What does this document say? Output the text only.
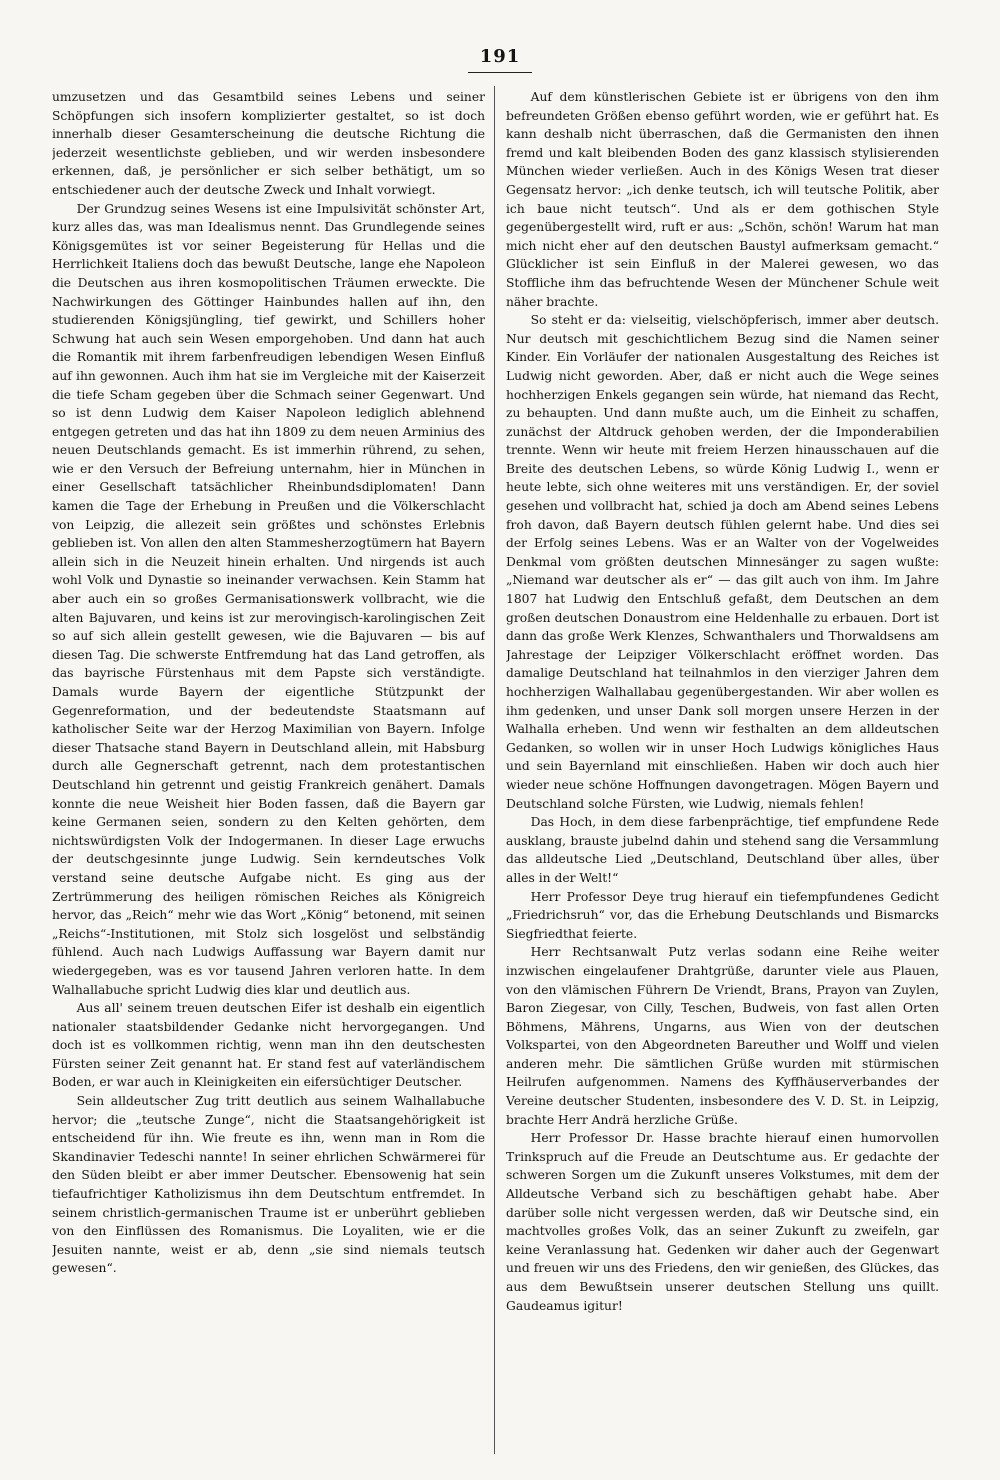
191

umzusetzen und das Gesamtbild seines Lebens und seiner Schöpfungen sich insofern komplizierter gestaltet, so ist doch innerhalb dieser Gesamterscheinung die deutsche Richtung die jederzeit wesentlichste geblieben, und wir werden insbesondere erkennen, daß, je persönlicher er sich selber bethätigt, um so entschiedener auch der deutsche Zweck und Inhalt vorwiegt.

Der Grundzug seines Wesens ist eine Impulsivität schönster Art, kurz alles das, was man Idealismus nennt. Das Grundlegende seines Königsgemütes ist vor seiner Begeisterung für Hellas und die Herrlichkeit Italiens doch das bewußt Deutsche, lange ehe Napoleon die Deutschen aus ihren kosmopolitischen Träumen erweckte. Die Nachwirkungen des Göttinger Hainbundes hallen auf ihn, den studierenden Königsjüngling, tief gewirkt, und Schillers hoher Schwung hat auch sein Wesen emporgehoben. Und dann hat auch die Romantik mit ihrem farbenfreudigen lebendigen Wesen Einfluß auf ihn gewonnen. Auch ihm hat sie im Vergleiche mit der Kaiserzeit die tiefe Scham gegeben über die Schmach seiner Gegenwart. Und so ist denn Ludwig dem Kaiser Napoleon lediglich ablehnend entgegen getreten und das hat ihn 1809 zu dem neuen Arminius des neuen Deutschlands gemacht. Es ist immerhin rührend, zu sehen, wie er den Versuch der Befreiung unternahm, hier in München in einer Gesellschaft tatsächlicher Rheinbundsdiplomaten! Dann kamen die Tage der Erhebung in Preußen und die Völkerschlacht von Leipzig, die allezeit sein größtes und schönstes Erlebnis geblieben ist. Von allen den alten Stammesherzogtümern hat Bayern allein sich in die Neuzeit hinein erhalten. Und nirgends ist auch wohl Volk und Dynastie so ineinander verwachsen. Kein Stamm hat aber auch ein so großes Germanisationswerk vollbracht, wie die alten Bajuvaren, und keins ist zur merovingisch-karolingischen Zeit so auf sich allein gestellt gewesen, wie die Bajuvaren — bis auf diesen Tag. Die schwerste Entfremdung hat das Land getroffen, als das bayrische Fürstenhaus mit dem Papste sich verständigte. Damals wurde Bayern der eigentliche Stützpunkt der Gegenreformation, und der bedeutendste Staatsmann auf katholischer Seite war der Herzog Maximilian von Bayern. Infolge dieser Thatsache stand Bayern in Deutschland allein, mit Habsburg durch alle Gegnerschaft getrennt, nach dem protestantischen Deutschland hin getrennt und geistig Frankreich genähert. Damals konnte die neue Weisheit hier Boden fassen, daß die Bayern gar keine Germanen seien, sondern zu den Kelten gehörten, dem nichtswürdigsten Volk der Indogermanen. In dieser Lage erwuchs der deutschgesinnte junge Ludwig. Sein kerndeutsches Volk verstand seine deutsche Aufgabe nicht. Es ging aus der Zertrümmerung des heiligen römischen Reiches als Königreich hervor, das „Reich“ mehr wie das Wort „König“ betonend, mit seinen „Reichs“-Institutionen, mit Stolz sich losgelöst und selbständig fühlend. Auch nach Ludwigs Auffassung war Bayern damit nur wiedergegeben, was es vor tausend Jahren verloren hatte. In dem Walhallabuche spricht Ludwig dies klar und deutlich aus.

Aus all' seinem treuen deutschen Eifer ist deshalb ein eigentlich nationaler staatsbildender Gedanke nicht hervorgegangen. Und doch ist es vollkommen richtig, wenn man ihn den deutschesten Fürsten seiner Zeit genannt hat. Er stand fest auf vaterländischem Boden, er war auch in Kleinigkeiten ein eifersüchtiger Deutscher.

Sein alldeutscher Zug tritt deutlich aus seinem Walhallabuche hervor; die „teutsche Zunge“, nicht die Staatsangehörigkeit ist entscheidend für ihn. Wie freute es ihn, wenn man in Rom die Skandinavier Tedeschi nannte! In seiner ehrlichen Schwärmerei für den Süden bleibt er aber immer Deutscher. Ebensowenig hat sein tiefaufrichtiger Katholizismus ihn dem Deutschtum entfremdet. In seinem christlich-germanischen Traume ist er unberührt geblieben von den Einflüssen des Romanismus. Die Loyaliten, wie er die Jesuiten nannte, weist er ab, denn „sie sind niemals teutsch gewesen“.

Auf dem künstlerischen Gebiete ist er übrigens von den ihm befreundeten Größen ebenso geführt worden, wie er geführt hat. Es kann deshalb nicht überraschen, daß die Germanisten den ihnen fremd und kalt bleibenden Boden des ganz klassisch stylisierenden München wieder verließen. Auch in des Königs Wesen trat dieser Gegensatz hervor: „ich denke teutsch, ich will teutsche Politik, aber ich baue nicht teutsch“. Und als er dem gothischen Style gegenübergestellt wird, ruft er aus: „Schön, schön! Warum hat man mich nicht eher auf den deutschen Baustyl aufmerksam gemacht.“ Glücklicher ist sein Einfluß in der Malerei gewesen, wo das Stoffliche ihm das befruchtende Wesen der Münchener Schule weit näher brachte.

So steht er da: vielseitig, vielschöpferisch, immer aber deutsch. Nur deutsch mit geschichtlichem Bezug sind die Namen seiner Kinder. Ein Vorläufer der nationalen Ausgestaltung des Reiches ist Ludwig nicht geworden. Aber, daß er nicht auch die Wege seines hochherzigen Enkels gegangen sein würde, hat niemand das Recht, zu behaupten. Und dann mußte auch, um die Einheit zu schaffen, zunächst der Altdruck gehoben werden, der die Imponderabilien trennte. Wenn wir heute mit freiem Herzen hinausschauen auf die Breite des deutschen Lebens, so würde König Ludwig I., wenn er heute lebte, sich ohne weiteres mit uns verständigen. Er, der soviel gesehen und vollbracht hat, schied ja doch am Abend seines Lebens froh davon, daß Bayern deutsch fühlen gelernt habe. Und dies sei der Erfolg seines Lebens. Was er an Walter von der Vogelweides Denkmal vom größten deutschen Minnesänger zu sagen wußte: „Niemand war deutscher als er“ — das gilt auch von ihm. Im Jahre 1807 hat Ludwig den Entschluß gefaßt, dem Deutschen an dem großen deutschen Donaustrom eine Heldenhalle zu erbauen. Dort ist dann das große Werk Klenzes, Schwanthalers und Thorwaldsens am Jahrestage der Leipziger Völkerschlacht eröffnet worden. Das damalige Deutschland hat teilnahmlos in den vierziger Jahren dem hochherzigen Walhallabau gegenübergestanden. Wir aber wollen es ihm gedenken, und unser Dank soll morgen unsere Herzen in der Walhalla erheben. Und wenn wir festhalten an dem alldeutschen Gedanken, so wollen wir in unser Hoch Ludwigs königliches Haus und sein Bayernland mit einschließen. Haben wir doch auch hier wieder neue schöne Hoffnungen davongetragen. Mögen Bayern und Deutschland solche Fürsten, wie Ludwig, niemals fehlen!

Das Hoch, in dem diese farbenprächtige, tief empfundene Rede ausklang, brauste jubelnd dahin und stehend sang die Versammlung das alldeutsche Lied „Deutschland, Deutschland über alles, über alles in der Welt!“

Herr Professor Deye trug hierauf ein tiefempfundenes Gedicht „Friedrichsruh“ vor, das die Erhebung Deutschlands und Bismarcks Siegfriedthat feierte.

Herr Rechtsanwalt Putz verlas sodann eine Reihe weiter inzwischen eingelaufener Drahtgrüße, darunter viele aus Plauen, von den vlämischen Führern De Vriendt, Brans, Prayon van Zuylen, Baron Ziegesar, von Cilly, Teschen, Budweis, von fast allen Orten Böhmens, Mährens, Ungarns, aus Wien von der deutschen Volkspartei, von den Abgeordneten Bareuther und Wolff und vielen anderen mehr. Die sämtlichen Grüße wurden mit stürmischen Heilrufen aufgenommen. Namens des Kyffhäuserverbandes der Vereine deutscher Studenten, insbesondere des V. D. St. in Leipzig, brachte Herr Andrä herzliche Grüße.

Herr Professor Dr. Hasse brachte hierauf einen humorvollen Trinkspruch auf die Freude an Deutschtume aus. Er gedachte der schweren Sorgen um die Zukunft unseres Volkstumes, mit dem der Alldeutsche Verband sich zu beschäftigen gehabt habe. Aber darüber solle nicht vergessen werden, daß wir Deutsche sind, ein machtvolles großes Volk, das an seiner Zukunft zu zweifeln, gar keine Veranlassung hat. Gedenken wir daher auch der Gegenwart und freuen wir uns des Friedens, den wir genießen, des Glückes, das aus dem Bewußtsein unserer deutschen Stellung uns quillt. Gaudeamus igitur!
